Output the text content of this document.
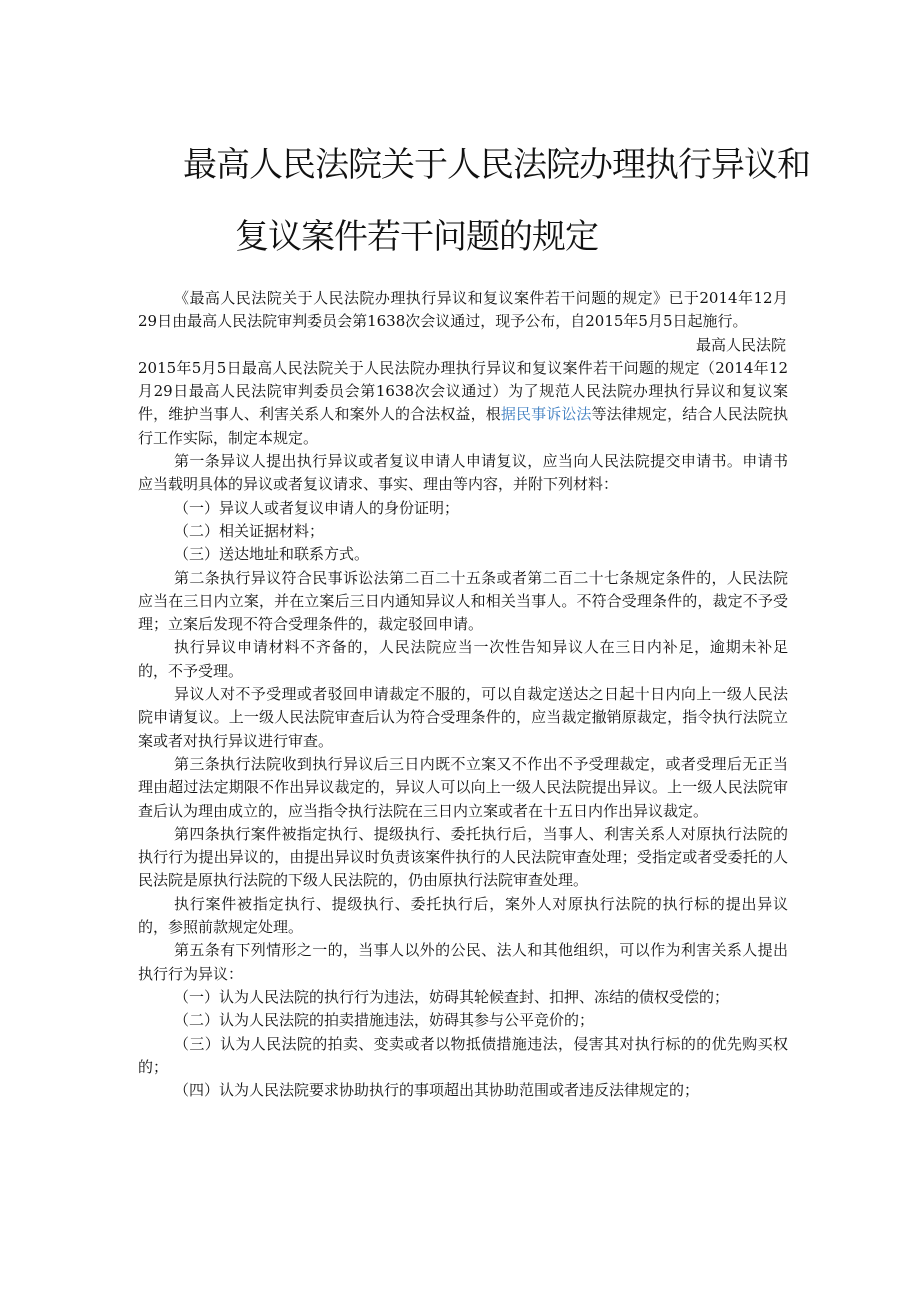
最高人民法院关于人民法院办理执行异议和
复议案件若干问题的规定

《最高人民法院关于人民法院办理执行异议和复议案件若干问题的规定》已于2014年12月29日由最高人民法院审判委员会第1638次会议通过，现予公布，自2015年5月5日起施行。

最高人民法院

2015年5月5日最高人民法院关于人民法院办理执行异议和复议案件若干问题的规定（2014年12月29日最高人民法院审判委员会第1638次会议通过）为了规范人民法院办理执行异议和复议案件，维护当事人、利害关系人和案外人的合法权益，根据民事诉讼法等法律规定，结合人民法院执行工作实际，制定本规定。

第一条异议人提出执行异议或者复议申请人申请复议，应当向人民法院提交申请书。申请书应当载明具体的异议或者复议请求、事实、理由等内容，并附下列材料：

（一）异议人或者复议申请人的身份证明；

（二）相关证据材料；

（三）送达地址和联系方式。

第二条执行异议符合民事诉讼法第二百二十五条或者第二百二十七条规定条件的，人民法院应当在三日内立案，并在立案后三日内通知异议人和相关当事人。不符合受理条件的，裁定不予受理；立案后发现不符合受理条件的，裁定驳回申请。

执行异议申请材料不齐备的，人民法院应当一次性告知异议人在三日内补足，逾期未补足的，不予受理。

异议人对不予受理或者驳回申请裁定不服的，可以自裁定送达之日起十日内向上一级人民法院申请复议。上一级人民法院审查后认为符合受理条件的，应当裁定撤销原裁定，指令执行法院立案或者对执行异议进行审查。

第三条执行法院收到执行异议后三日内既不立案又不作出不予受理裁定，或者受理后无正当理由超过法定期限不作出异议裁定的，异议人可以向上一级人民法院提出异议。上一级人民法院审查后认为理由成立的，应当指令执行法院在三日内立案或者在十五日内作出异议裁定。

第四条执行案件被指定执行、提级执行、委托执行后，当事人、利害关系人对原执行法院的执行行为提出异议的，由提出异议时负责该案件执行的人民法院审查处理；受指定或者受委托的人民法院是原执行法院的下级人民法院的，仍由原执行法院审查处理。

执行案件被指定执行、提级执行、委托执行后，案外人对原执行法院的执行标的提出异议的，参照前款规定处理。

第五条有下列情形之一的，当事人以外的公民、法人和其他组织，可以作为利害关系人提出执行行为异议：

（一）认为人民法院的执行行为违法，妨碍其轮候查封、扣押、冻结的债权受偿的；

（二）认为人民法院的拍卖措施违法，妨碍其参与公平竞价的；

（三）认为人民法院的拍卖、变卖或者以物抵债措施违法，侵害其对执行标的的优先购买权的；

（四）认为人民法院要求协助执行的事项超出其协助范围或者违反法律规定的；
